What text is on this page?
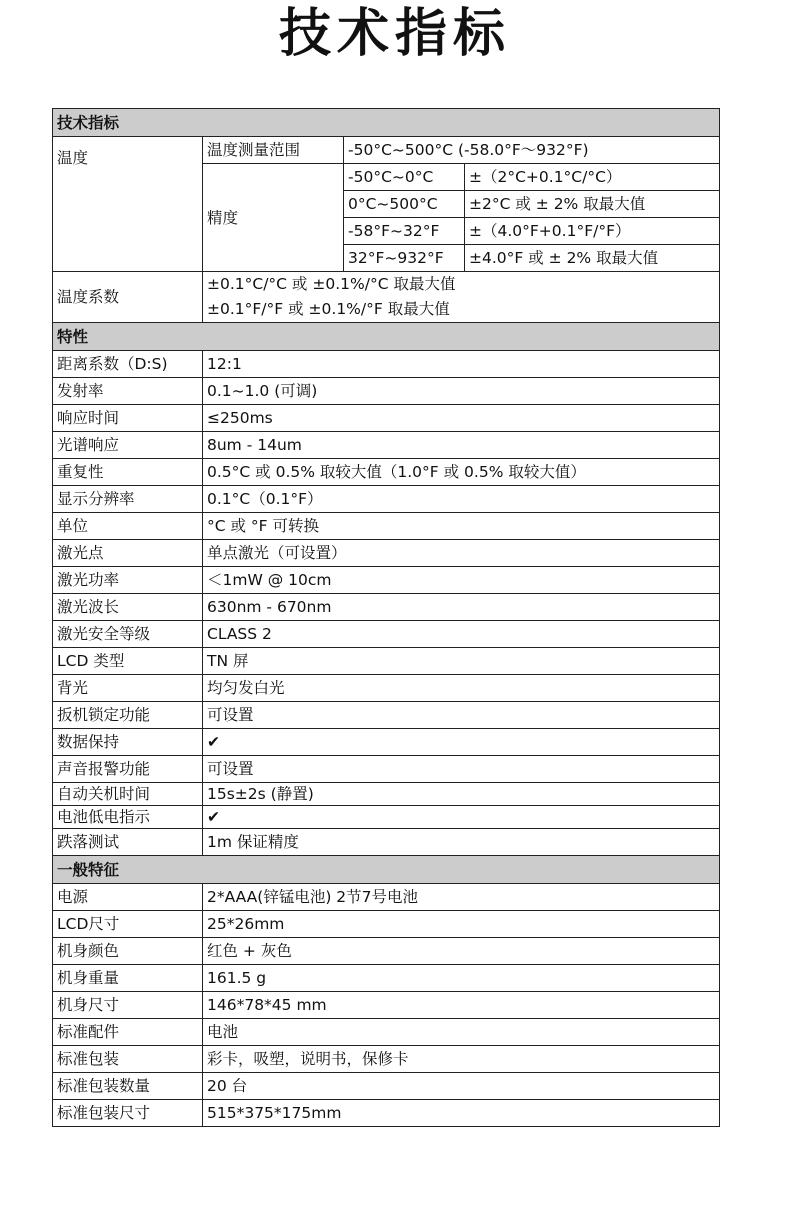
技术指标
技术指标			
温度	温度测量范围	-50°C~500°C (-58.0°F～932°F)	
	精度	-50°C~0°C	±（2°C+0.1°C/°C）
		0°C~500°C	±2°C 或 ± 2% 取最大值
		-58°F~32°F	±（4.0°F+0.1°F/°F）
		32°F~932°F	±4.0°F 或 ± 2% 取最大值
温度系数	±0.1°C/°C 或 ±0.1%/°C 取最大值
±0.1°F/°F 或 ±0.1%/°F 取最大值		

特性			
距离系数（D:S)	12:1		
发射率	0.1~1.0 (可调)		
响应时间	≤250ms		
光谱响应	8um - 14um		
重复性	0.5°C 或 0.5% 取较大值（1.0°F 或 0.5% 取较大值）		
显示分辨率	0.1°C（0.1°F）		
单位	°C 或 °F 可转换		
激光点	单点激光（可设置）		
激光功率	＜1mW @ 10cm		
激光波长	630nm - 670nm		
激光安全等级	CLASS 2		
LCD 类型	TN 屏		
背光	均匀发白光		
扳机锁定功能	可设置		
数据保持	✔		
声音报警功能	可设置		
自动关机时间	15s±2s (静置)		
电池低电指示	✔		
跌落测试	1m 保证精度		
一般特征			
电源	2*AAA(锌锰电池) 2节7号电池		
LCD尺寸	25*26mm		
机身颜色	红色 + 灰色		
机身重量	161.5 g		
机身尺寸	146*78*45 mm		
标准配件	电池		
标准包装	彩卡，吸塑，说明书，保修卡		
标准包装数量	20 台		
标准包装尺寸	515*375*175mm		
